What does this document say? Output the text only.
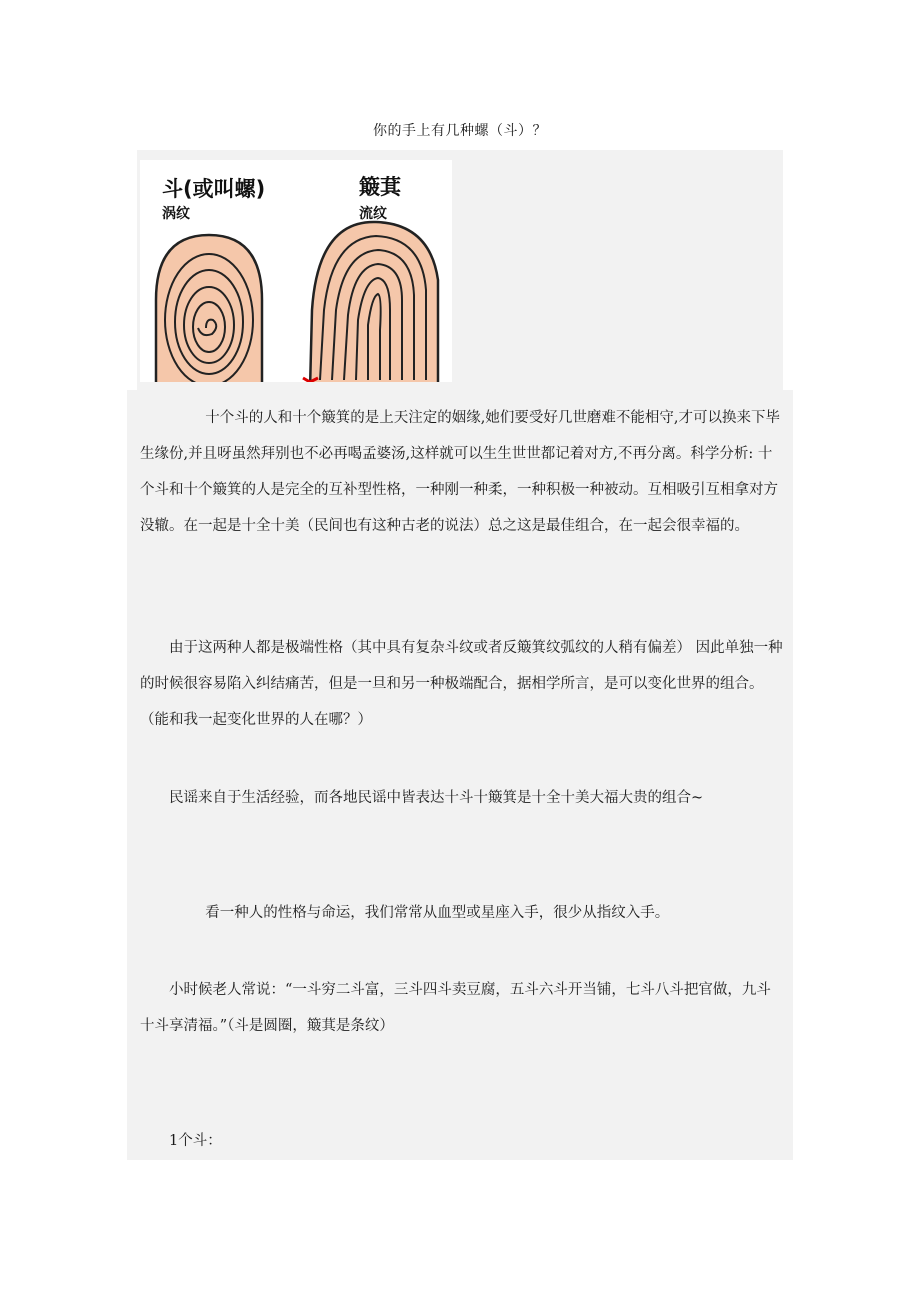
你的手上有几种螺（斗）？
斗(或叫螺)
涡纹
簸萁
流纹

十个斗的人和十个簸箕的是上天注定的姻缘,她们要受好几世磨难不能相守,才可以换来下毕生缘份,并且呀虽然拜别也不必再喝孟婆汤,这样就可以生生世世都记着对方,不再分离。科学分析: 十个斗和十个簸箕的人是完全的互补型性格，一种刚一种柔，一种积极一种被动。互相吸引互相拿对方没辙。在一起是十全十美（民间也有这种古老的说法）总之这是最佳组合，在一起会很幸福的。

由于这两种人都是极端性格（其中具有复杂斗纹或者反簸箕纹弧纹的人稍有偏差） 因此单独一种的时候很容易陷入纠结痛苦，但是一旦和另一种极端配合，据相学所言，是可以变化世界的组合。 （能和我一起变化世界的人在哪？）

民谣来自于生活经验，而各地民谣中皆表达十斗十簸箕是十全十美大福大贵的组合~

看一种人的性格与命运，我们常常从血型或星座入手，很少从指纹入手。

小时候老人常说：“一斗穷二斗富，三斗四斗卖豆腐，五斗六斗开当铺，七斗八斗把官做，九斗十斗享清福。”（斗是圆圈，簸萁是条纹）

1个斗：
